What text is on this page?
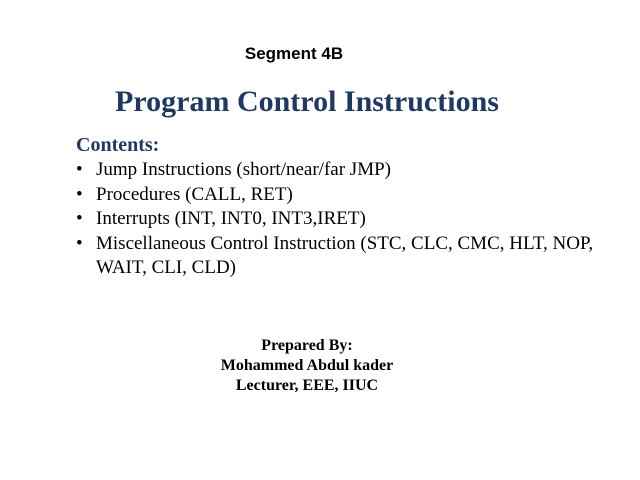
Segment 4B
Program Control Instructions
Contents:
• Jump Instructions (short/near/far JMP)
• Procedures (CALL, RET)
• Interrupts (INT, INT0, INT3,IRET)
• Miscellaneous Control Instruction (STC, CLC, CMC, HLT, NOP, WAIT, CLI, CLD)
Prepared By:
Mohammed Abdul kader
Lecturer, EEE, IIUC
